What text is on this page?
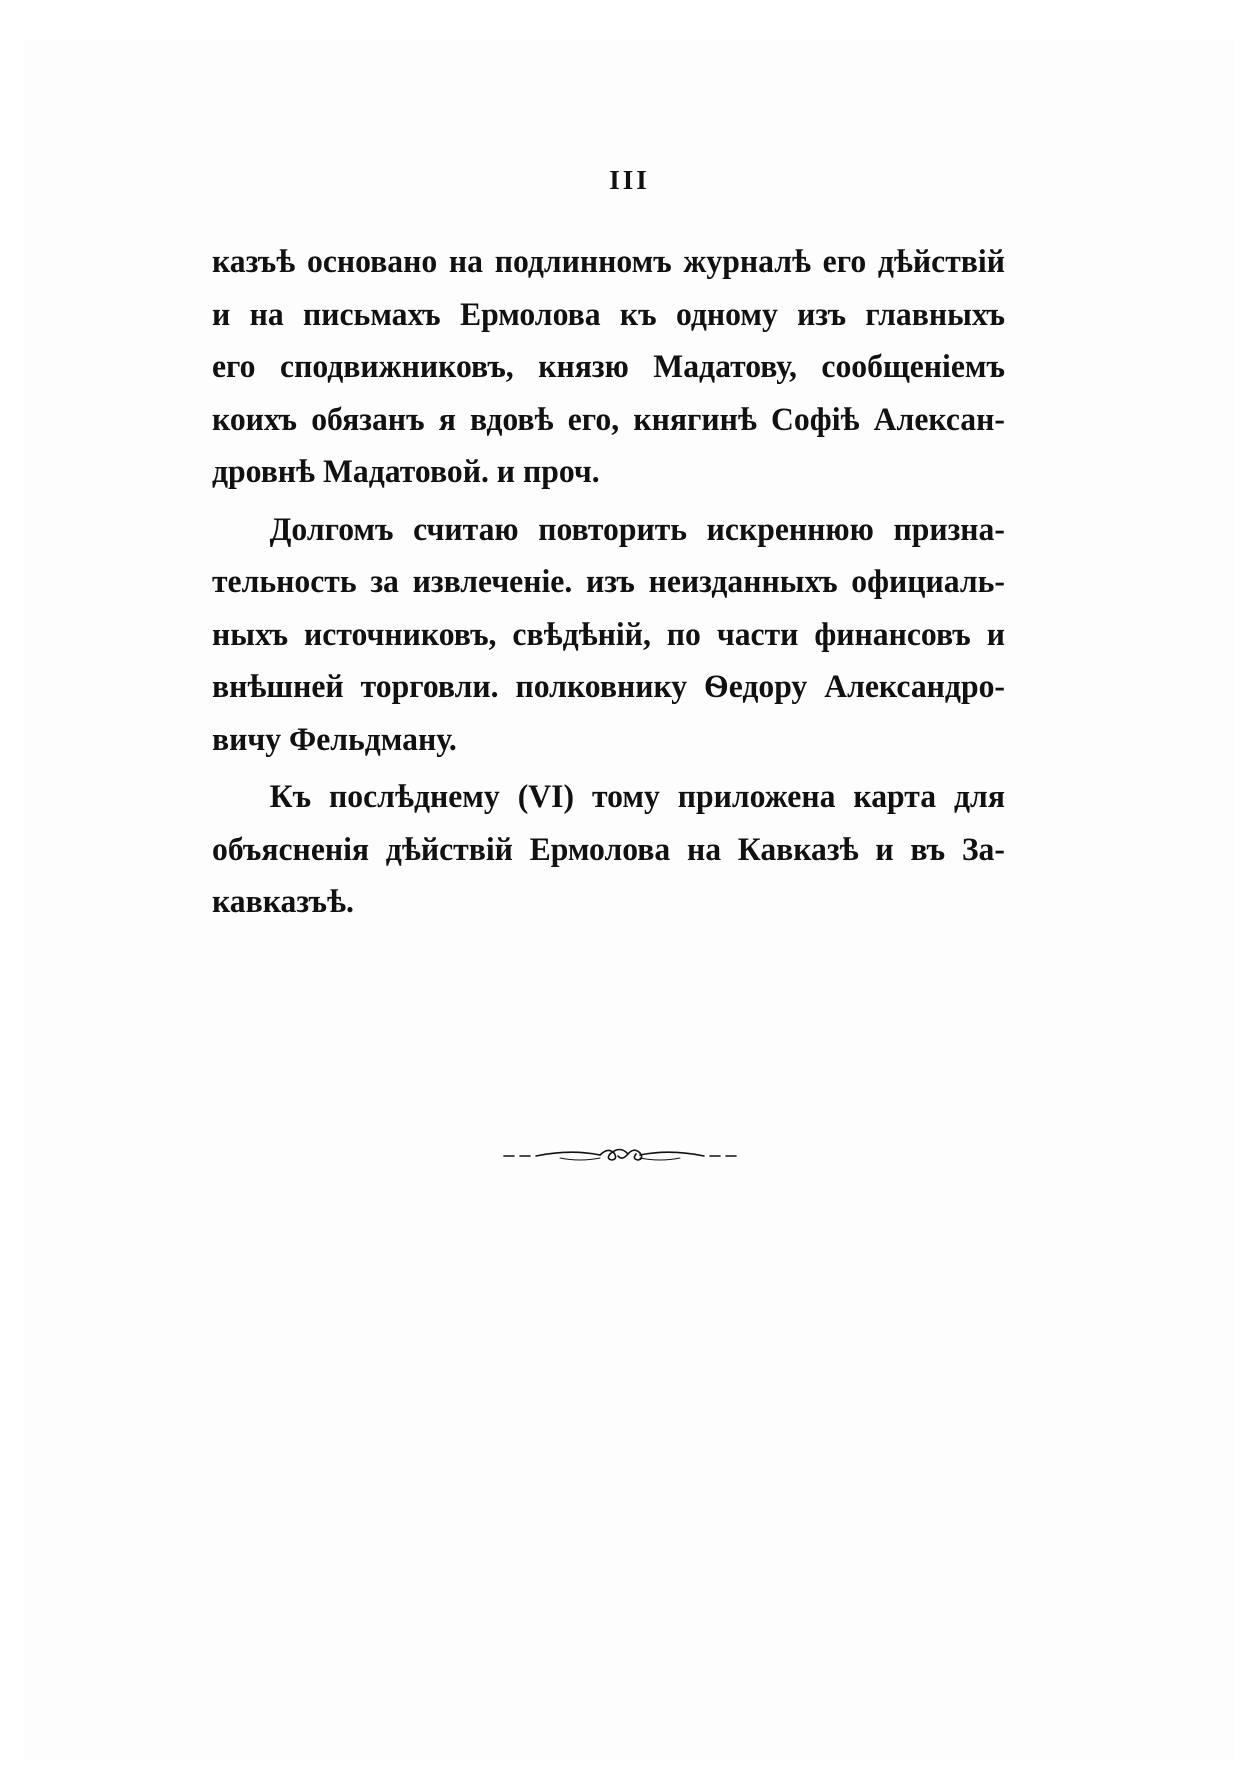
III

казъѣ основано на подлинномъ журналѣ его дѣйствій
и на письмахъ Ермолова къ одному изъ главныхъ
его сподвижниковъ, князю Мадатову, сообщеніемъ
коихъ обязанъ я вдовѣ его, княгинѣ Софіѣ Алексан-
дровнѣ Мадатовой. и проч.

Долгомъ считаю повторить искреннюю призна-
тельность за извлеченіе. изъ неизданныхъ официаль-
ныхъ источниковъ, свѣдѣній, по части финансовъ и
внѣшней торговли. полковнику Ѳедору Александро-
вичу Фельдману.

Къ послѣднему (VI) тому приложена карта для
объясненія дѣйствій Ермолова на Кавказѣ и въ За-
кавказъѣ.
